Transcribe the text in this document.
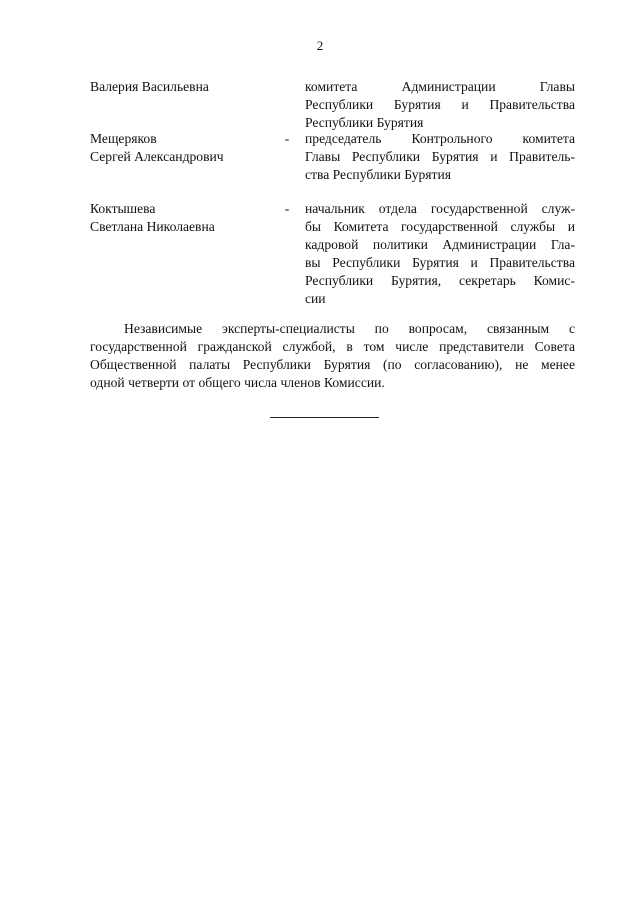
2
Валерия Васильевна	комитета Администрации Главы
Республики Бурятия и Правительства
Республики Бурятия
Мещеряков
Сергей Александрович
- председатель Контрольного комитета
Главы Республики Бурятия и Правитель-
ства Республики Бурятия
Коктышева
Светлана Николаевна
- начальник отдела государственной служ-
бы Комитета государственной службы и
кадровой политики Администрации Гла-
вы Республики Бурятия и Правительства
Республики Бурятия, секретарь Комис-
сии
Независимые эксперты-специалисты по вопросам, связанным с
государственной гражданской службой, в том числе представители Совета
Общественной палаты Республики Бурятия (по согласованию), не менее
одной четверти от общего числа членов Комиссии.
